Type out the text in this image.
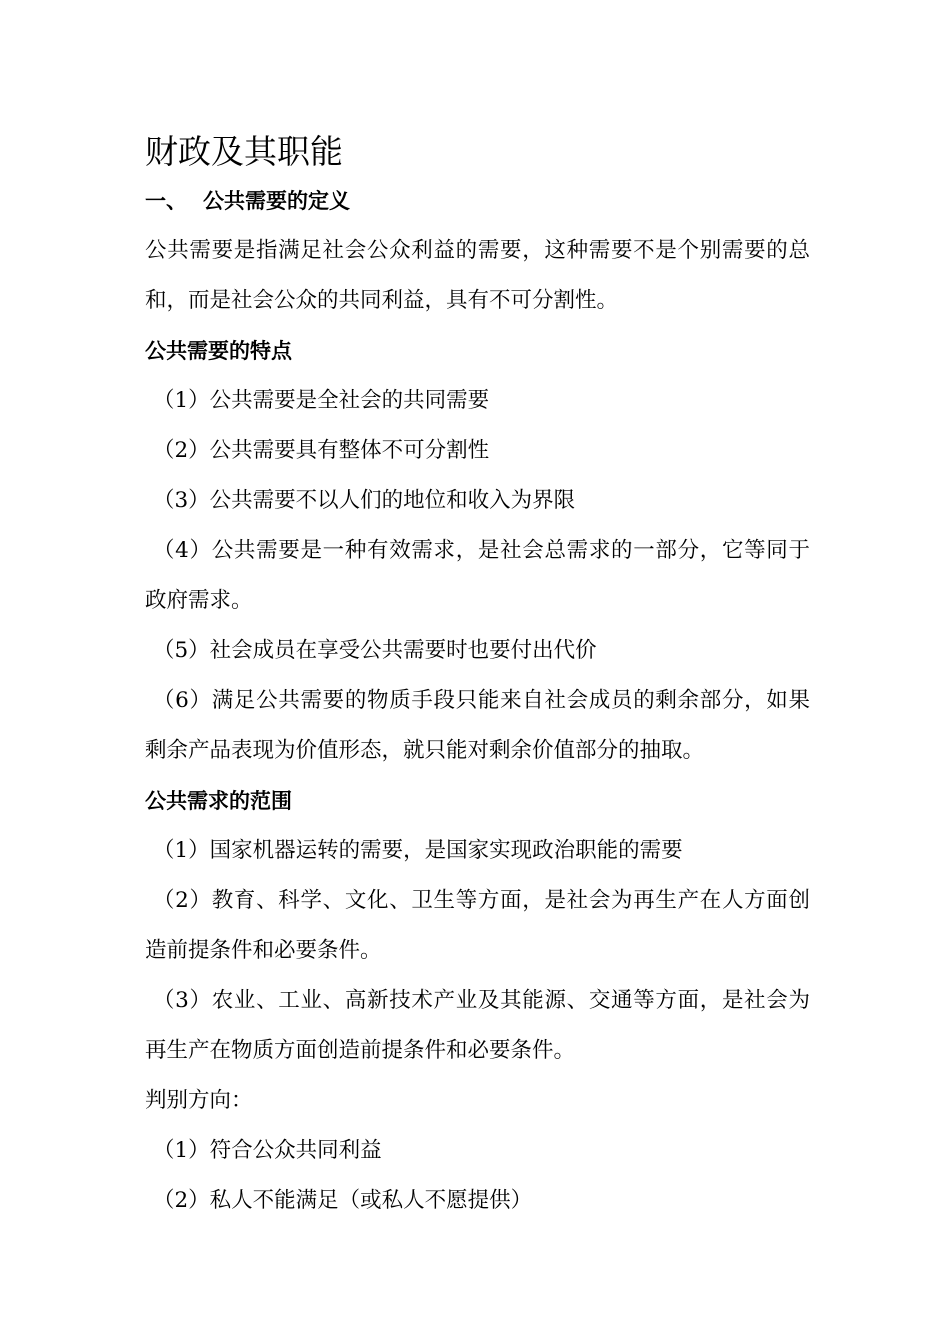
财政及其职能
一、 公共需要的定义
公共需要是指满足社会公众利益的需要，这种需要不是个别需要的总和，而是社会公众的共同利益，具有不可分割性。
公共需要的特点
（1）公共需要是全社会的共同需要
（2）公共需要具有整体不可分割性
（3）公共需要不以人们的地位和收入为界限
（4）公共需要是一种有效需求，是社会总需求的一部分，它等同于政府需求。
（5）社会成员在享受公共需要时也要付出代价
（6）满足公共需要的物质手段只能来自社会成员的剩余部分，如果剩余产品表现为价值形态，就只能对剩余价值部分的抽取。
公共需求的范围
（1）国家机器运转的需要，是国家实现政治职能的需要
（2）教育、科学、文化、卫生等方面，是社会为再生产在人方面创造前提条件和必要条件。
（3）农业、工业、高新技术产业及其能源、交通等方面，是社会为再生产在物质方面创造前提条件和必要条件。
判别方向：
（1）符合公众共同利益
（2）私人不能满足（或私人不愿提供）
